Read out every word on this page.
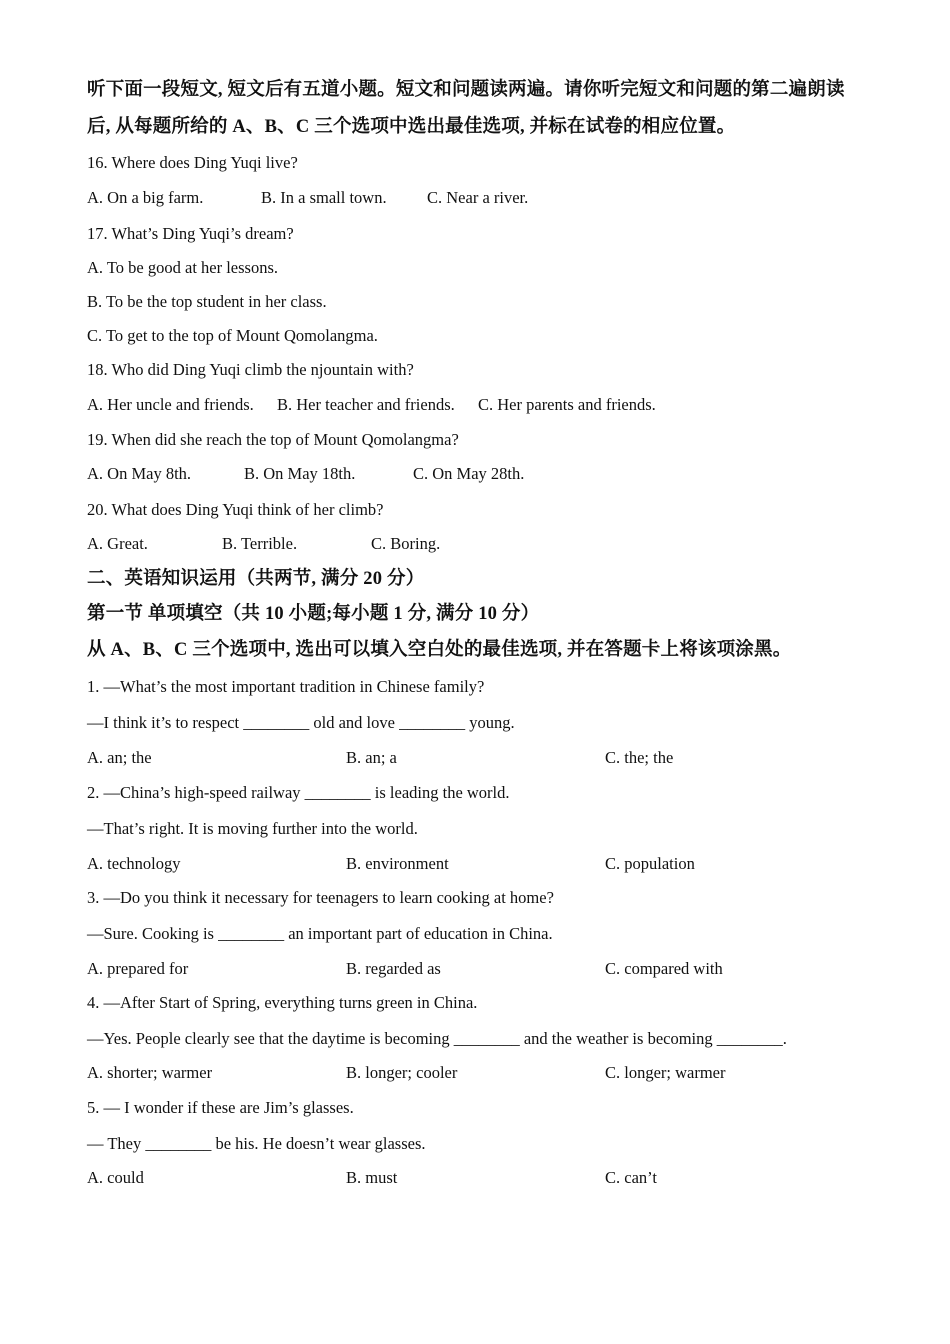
听下面一段短文, 短文后有五道小题。短文和问题读两遍。请你听完短文和问题的第二遍朗读
后, 从每题所给的 A、B、C 三个选项中选出最佳选项, 并标在试卷的相应位置。
16. Where does Ding Yuqi live?
A. On a big farm.	B. In a small town. C. Near a river.
17. What’s Ding Yuqi’s dream?
A. To be good at her lessons.
B. To be the top student in her class.
C. To get to the top of Mount Qomolangma.
18. Who did Ding Yuqi climb the njountain with?
A. Her uncle and friends. B. Her teacher and friends. C. Her parents and friends.
19. When did she reach the top of Mount Qomolangma?
A. On May 8th.	B. On May 18th.	C. On May 28th.
20. What does Ding Yuqi think of her climb?
A. Great.	B. Terrible.	C. Boring.
二、英语知识运用（共两节, 满分 20 分）
第一节 单项填空（共 10 小题;每小题 1 分, 满分 10 分）
从 A、B、C 三个选项中, 选出可以填入空白处的最佳选项, 并在答题卡上将该项涂黑。
1. —What’s the most important tradition in Chinese family?
—I think it’s to respect ________ old and love ________ young.
A. an; the	B. an; a	C. the; the
2. —China’s high-speed railway ________ is leading the world.
—That’s right. It is moving further into the world.
A. technology	B. environment	C. population
3. —Do you think it necessary for teenagers to learn cooking at home?
—Sure. Cooking is ________ an important part of education in China.
A. prepared for	B. regarded as	C. compared with
4. —After Start of Spring, everything turns green in China.
—Yes. People clearly see that the daytime is becoming ________ and the weather is becoming ________.
A. shorter; warmer	B. longer; cooler	C. longer; warmer
5. — I wonder if these are Jim’s glasses.
— They ________ be his. He doesn’t wear glasses.
A. could	B. must	C. can’t
